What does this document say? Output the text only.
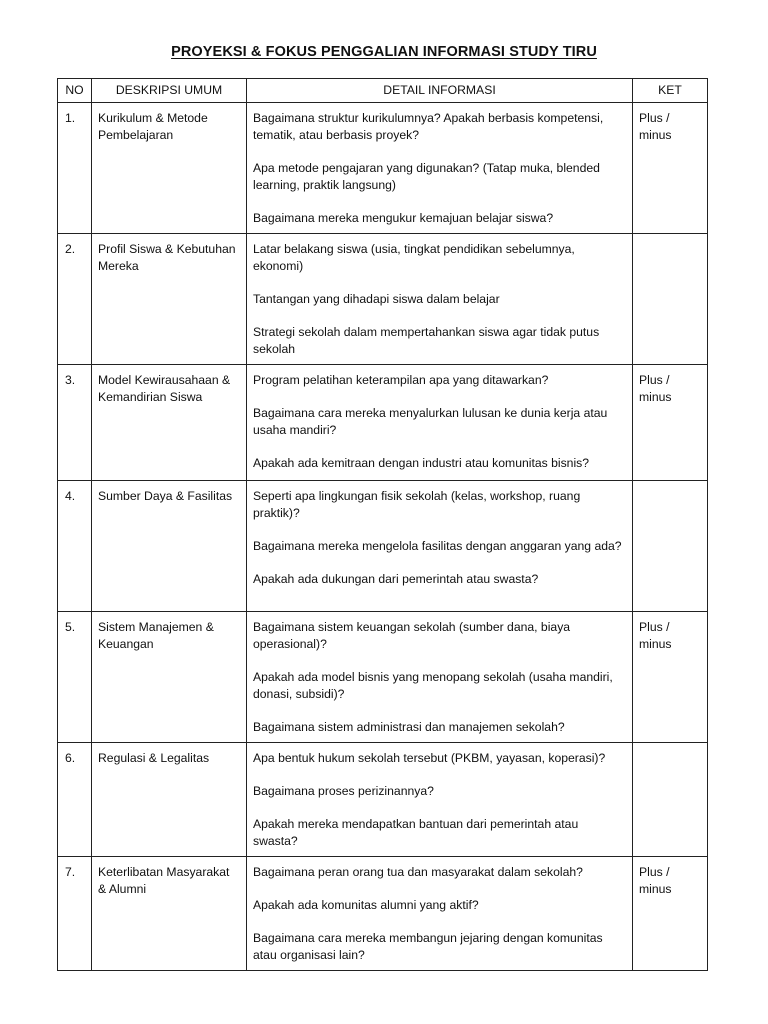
PROYEKSI & FOKUS PENGGALIAN INFORMASI STUDY TIRU
NO	DESKRIPSI UMUM	DETAIL INFORMASI	KET
1.	Kurikulum & Metode Pembelajaran	Bagaimana struktur kurikulumnya? Apakah berbasis kompetensi, tematik, atau berbasis proyek?

Apa metode pengajaran yang digunakan? (Tatap muka, blended learning, praktik langsung)

Bagaimana mereka mengukur kemajuan belajar siswa?	Plus / minus
2.	Profil Siswa & Kebutuhan Mereka	Latar belakang siswa (usia, tingkat pendidikan sebelumnya, ekonomi)

Tantangan yang dihadapi siswa dalam belajar

Strategi sekolah dalam mempertahankan siswa agar tidak putus sekolah	

3.	Model Kewirausahaan & Kemandirian Siswa	Program pelatihan keterampilan apa yang ditawarkan?

Bagaimana cara mereka menyalurkan lulusan ke dunia kerja atau usaha mandiri?

Apakah ada kemitraan dengan industri atau komunitas bisnis?	Plus / minus
4.	Sumber Daya & Fasilitas	Seperti apa lingkungan fisik sekolah (kelas, workshop, ruang praktik)?

Bagaimana mereka mengelola fasilitas dengan anggaran yang ada?

Apakah ada dukungan dari pemerintah atau swasta?	

5.	Sistem Manajemen & Keuangan	Bagaimana sistem keuangan sekolah (sumber dana, biaya operasional)?

Apakah ada model bisnis yang menopang sekolah (usaha mandiri, donasi, subsidi)?

Bagaimana sistem administrasi dan manajemen sekolah?	Plus / minus
6.	Regulasi & Legalitas	Apa bentuk hukum sekolah tersebut (PKBM, yayasan, koperasi)?

Bagaimana proses perizinannya?

Apakah mereka mendapatkan bantuan dari pemerintah atau swasta?	

7.	Keterlibatan Masyarakat & Alumni	Bagaimana peran orang tua dan masyarakat dalam sekolah?

Apakah ada komunitas alumni yang aktif?

Bagaimana cara mereka membangun jejaring dengan komunitas atau organisasi lain?	Plus / minus
